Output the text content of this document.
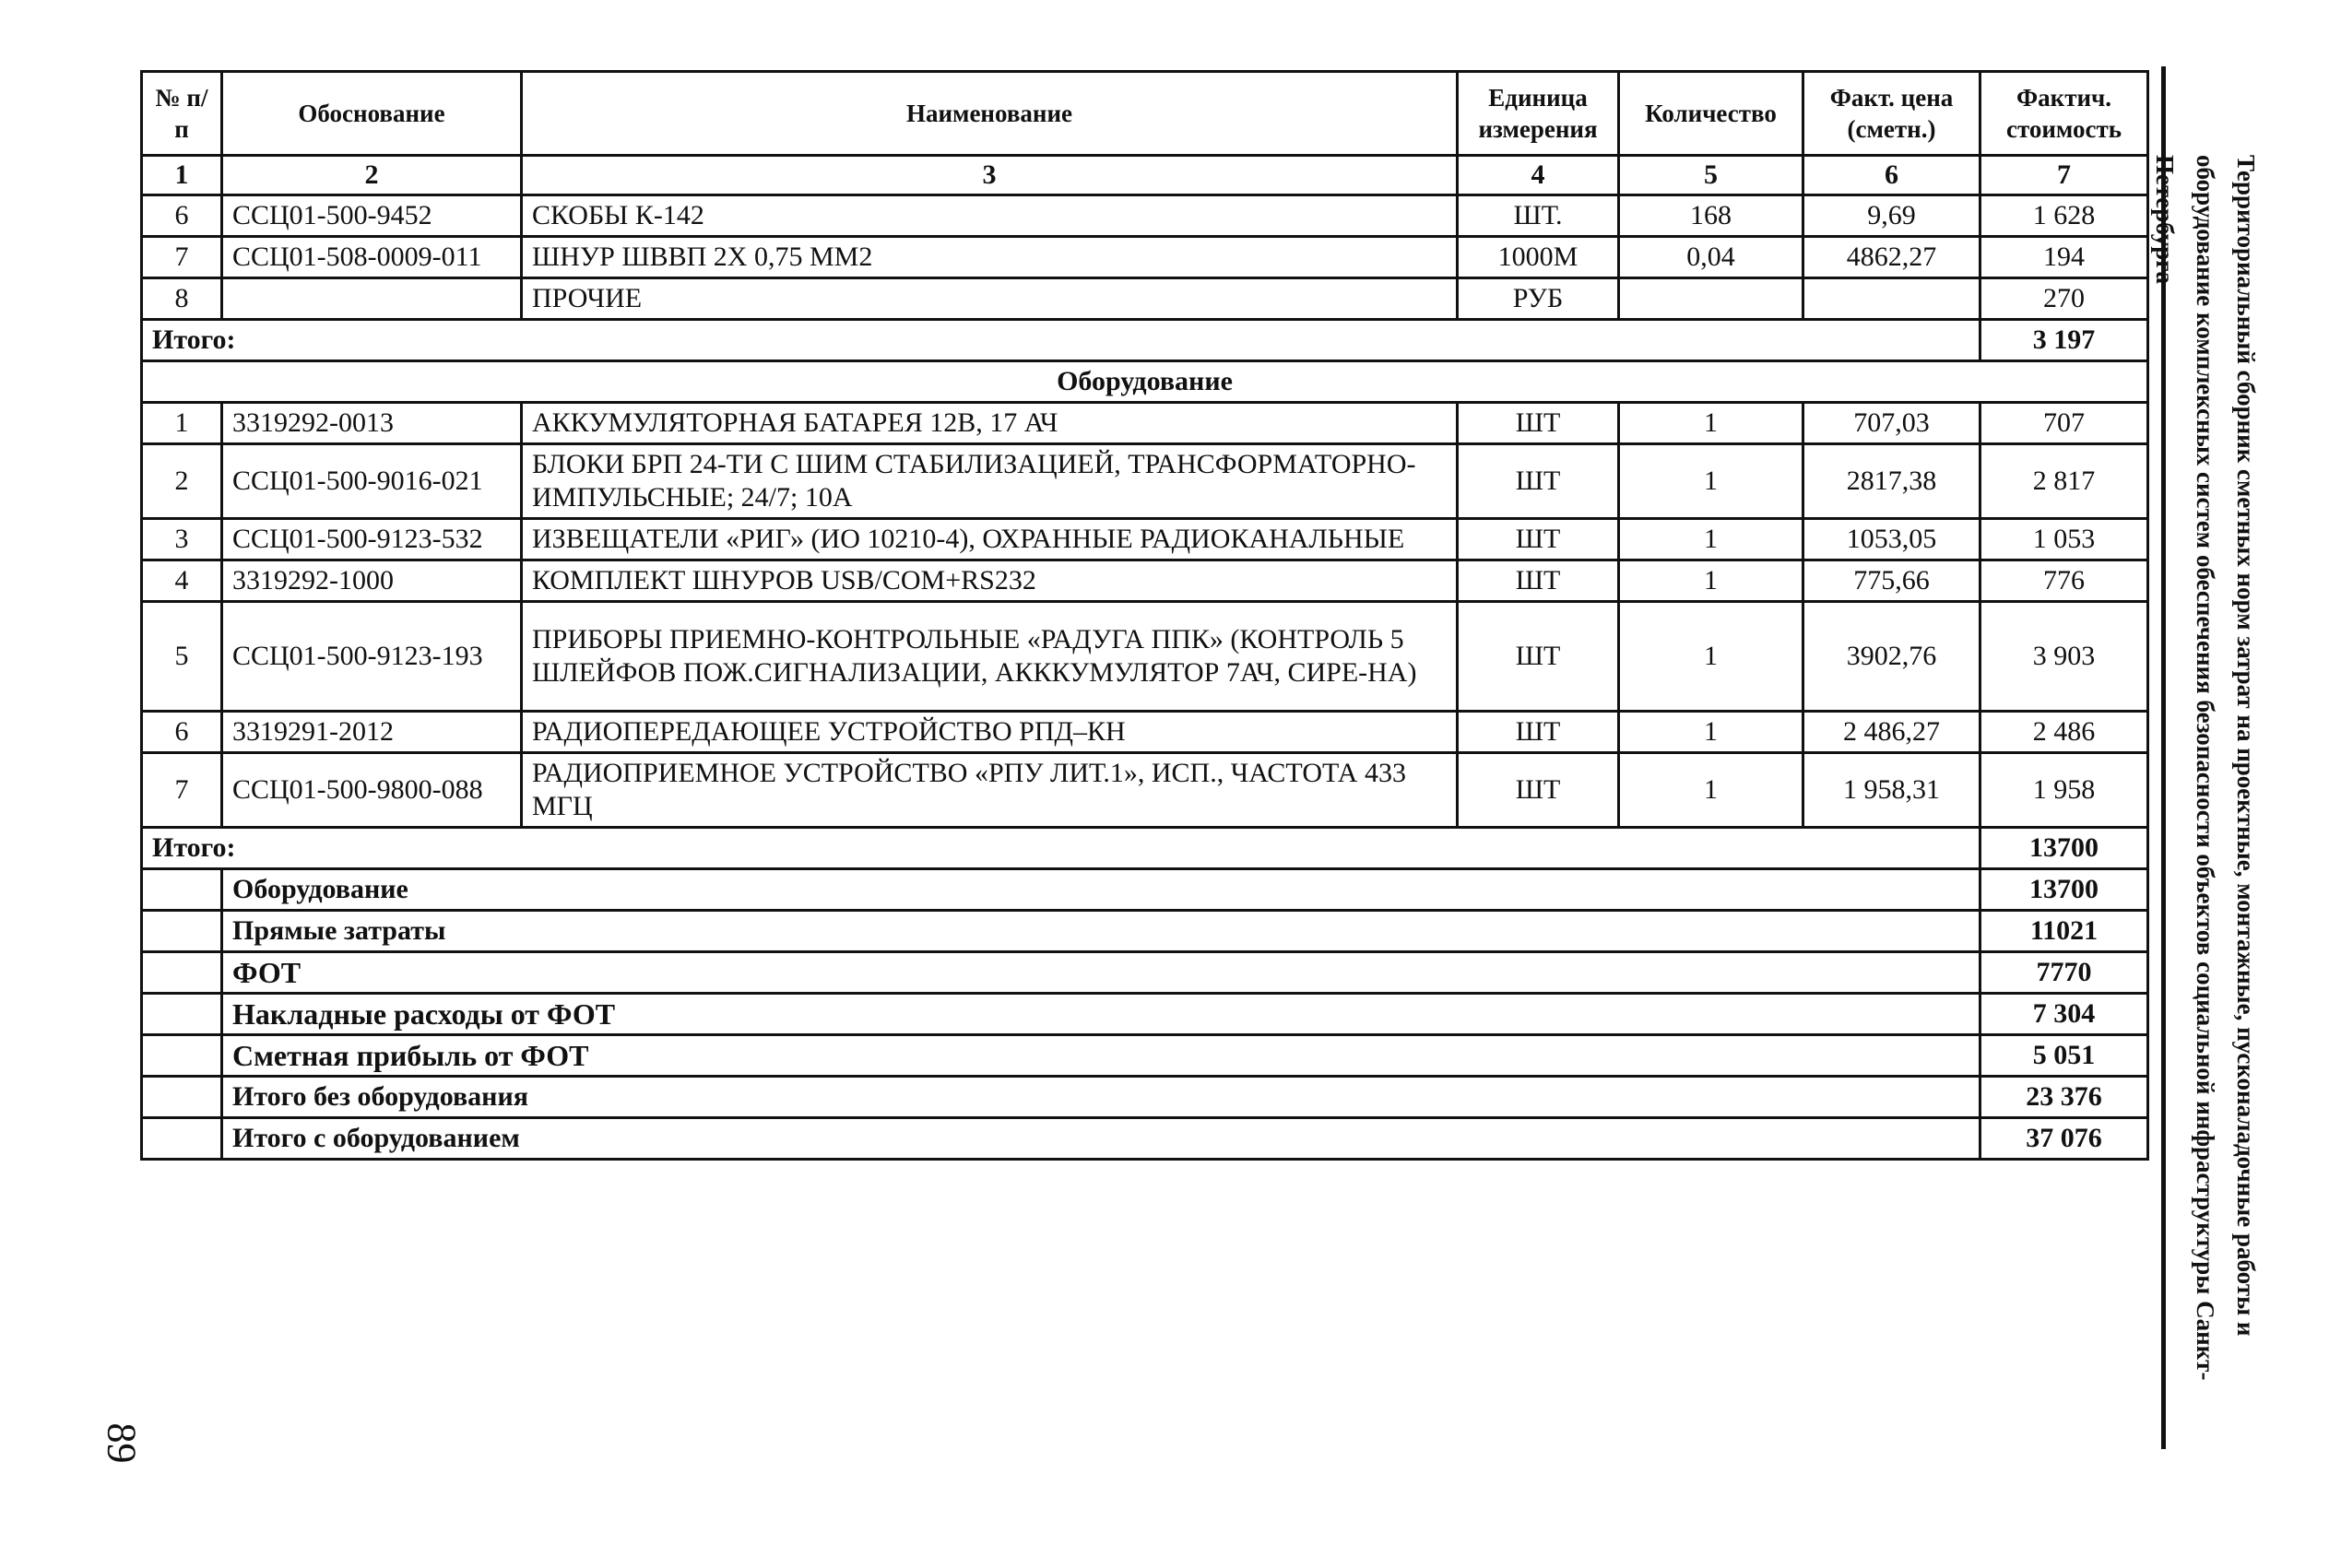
№ п/п	Обоснование	Наименование	Единица измерения	Количество	Факт. цена (сметн.)	Фактич. стоимость
1	2	3	4	5	6	7
6	ССЦ01-500-9452	СКОБЫ К-142	ШТ.	168	9,69	1 628
7	ССЦ01-508-0009-011	ШНУР ШВВП 2Х 0,75 ММ2	1000М	0,04	4862,27	194
8		ПРОЧИЕ	РУБ			270
Итого:						3 197
Оборудование						
1	3319292-0013	АККУМУЛЯТОРНАЯ БАТАРЕЯ 12В, 17 АЧ	ШТ	1	707,03	707
2	ССЦ01-500-9016-021	БЛОКИ БРП 24-ТИ С ШИМ СТАБИЛИЗАЦИЕЙ, ТРАНСФОРМАТОРНО-ИМПУЛЬСНЫЕ; 24/7; 10А	ШТ	1	2817,38	2 817
3	ССЦ01-500-9123-532	ИЗВЕЩАТЕЛИ «РИГ» (ИО 10210-4), ОХРАННЫЕ РАДИОКАНАЛЬНЫЕ	ШТ	1	1053,05	1 053
4	3319292-1000	КОМПЛЕКТ ШНУРОВ USB/COM+RS232	ШТ	1	775,66	776
5	ССЦ01-500-9123-193	ПРИБОРЫ ПРИЕМНО-КОНТРОЛЬНЫЕ «РАДУГА ППК» (КОНТРОЛЬ 5 ШЛЕЙФОВ ПОЖ.СИГНАЛИЗАЦИИ, АКККУМУЛЯТОР 7АЧ, СИРЕ-НА)	ШТ	1	3902,76	3 903
6	3319291-2012	РАДИОПЕРЕДАЮЩЕЕ УСТРОЙСТВО РПД–КН	ШТ	1	2 486,27	2 486
7	ССЦ01-500-9800-088	РАДИОПРИЕМНОЕ УСТРОЙСТВО «РПУ ЛИТ.1», ИСП., ЧАСТОТА 433 МГЦ	ШТ	1	1 958,31	1 958
Итого:						13700
	Оборудование					13700
	Прямые затраты					11021
	ФОТ					7770
	Накладные расходы от ФОТ					7 304
	Сметная прибыль от ФОТ					5 051
	Итого без оборудования					23 376
	Итого с оборудованием					37 076	Территориальный сборник сметных норм затрат на проектные, монтажные, пусконаладочные работы и оборудование комплексных систем обеспечения безопасности объектов социальной инфраструктуры Санкт-Петербурга
89
